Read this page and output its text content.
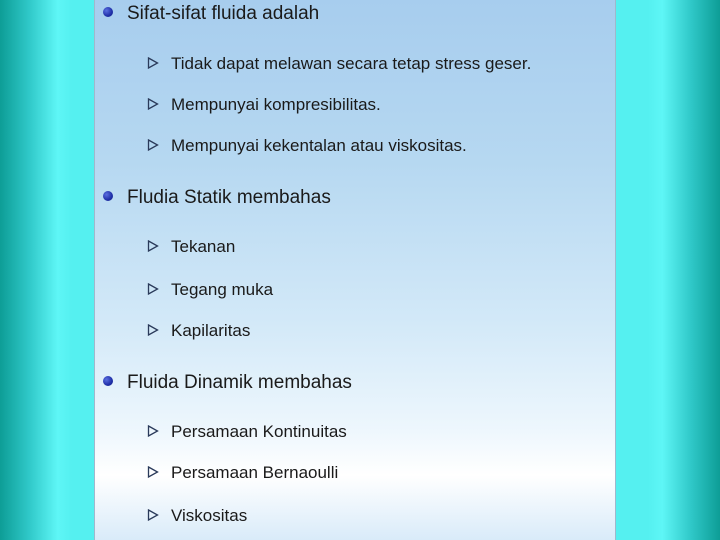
Sifat-sifat fluida adalah
Tidak dapat melawan secara tetap stress geser.
Mempunyai kompresibilitas.
Mempunyai kekentalan atau viskositas.
Fludia Statik membahas
Tekanan
Tegang muka
Kapilaritas
Fluida Dinamik membahas
Persamaan Kontinuitas
Persamaan Bernaoulli
Viskositas
